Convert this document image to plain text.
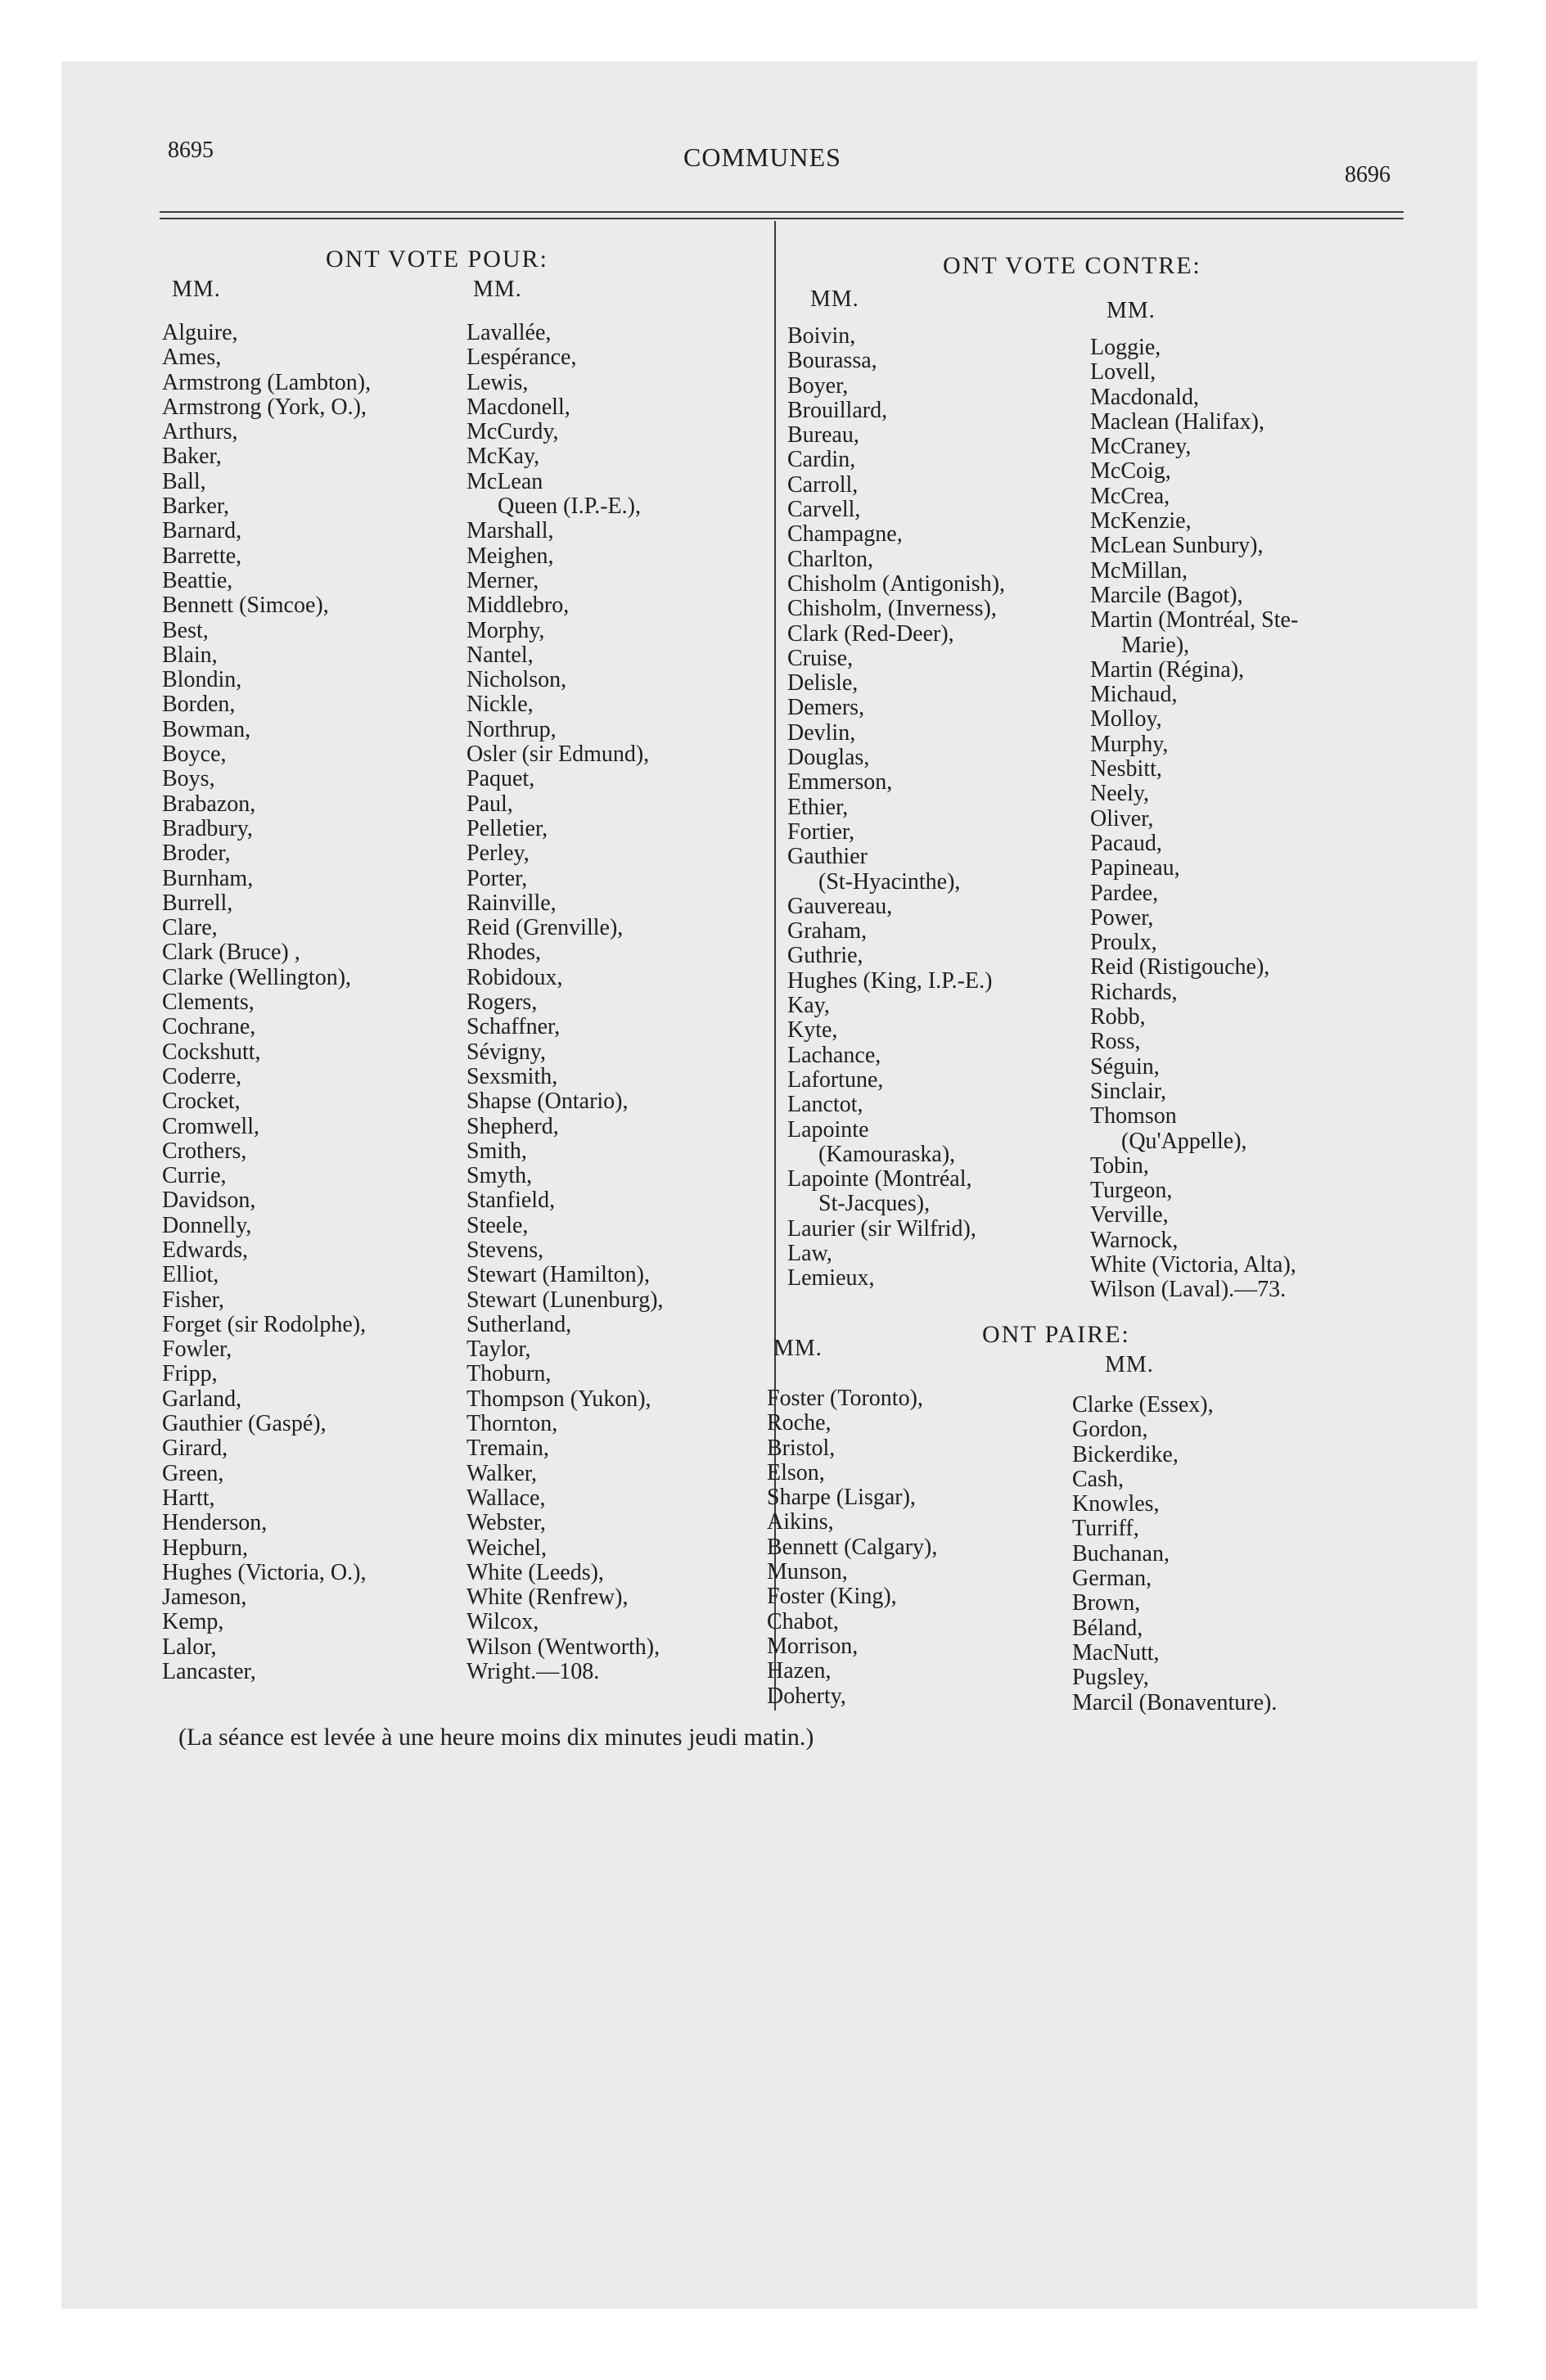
8695	COMMUNES
8696
ONT VOTE POUR:
MM.	MM.
Alguire,
Ames,
Armstrong (Lambton),
Armstrong (York, O.),
Arthurs,
Baker,
Ball,
Barker,
Barnard,
Barrette,
Beattie,
Bennett (Simcoe),
Best,
Blain,
Blondin,
Borden,
Bowman,
Boyce,
Boys,
Brabazon,
Bradbury,
Broder,
Burnham,
Burrell,
Clare,
Clark (Bruce) ,
Clarke (Wellington),
Clements,
Cochrane,
Cockshutt,
Coderre,
Crocket,
Cromwell,
Crothers,
Currie,
Davidson,
Donnelly,
Edwards,
Elliot,
Fisher,
Forget (sir Rodolphe),
Fowler,
Fripp,
Garland,
Gauthier (Gaspé),
Girard,
Green,
Hartt,
Henderson,
Hepburn,
Hughes (Victoria, O.),
Jameson,
Kemp,
Lalor,
Lancaster,
Lavallée,
Lespérance,
Lewis,
Macdonell,
McCurdy,
McKay,
McLean
Queen (I.P.-E.),
Marshall,
Meighen,
Merner,
Middlebro,
Morphy,
Nantel,
Nicholson,
Nickle,
Northrup,
Osler (sir Edmund),
Paquet,
Paul,
Pelletier,
Perley,
Porter,
Rainville,
Reid (Grenville),
Rhodes,
Robidoux,
Rogers,
Schaffner,
Sévigny,
Sexsmith,
Shapse (Ontario),
Shepherd,
Smith,
Smyth,
Stanfield,
Steele,
Stevens,
Stewart (Hamilton),
Stewart (Lunenburg),
Sutherland,
Taylor,
Thoburn,
Thompson (Yukon),
Thornton,
Tremain,
Walker,
Wallace,
Webster,
Weichel,
White (Leeds),
White (Renfrew),
Wilcox,
Wilson (Wentworth),
Wright.—108.
ONT VOTE CONTRE:
MM.	MM.
Boivin,
Bourassa,
Boyer,
Brouillard,
Bureau,
Cardin,
Carroll,
Carvell,
Champagne,
Charlton,
Chisholm (Antigonish),
Chisholm, (Inverness),
Clark (Red-Deer),
Cruise,
Delisle,
Demers,
Devlin,
Douglas,
Emmerson,
Ethier,
Fortier,
Gauthier
(St-Hyacinthe),
Gauvereau,
Graham,
Guthrie,
Hughes (King, I.P.-E.)
Kay,
Kyte,
Lachance,
Lafortune,
Lanctot,
Lapointe
(Kamouraska),
Lapointe (Montréal,
St-Jacques),
Laurier (sir Wilfrid),
Law,
Lemieux,
Loggie,
Lovell,
Macdonald,
Maclean (Halifax),
McCraney,
McCoig,
McCrea,
McKenzie,
McLean Sunbury),
McMillan,
Marcile (Bagot),
Martin (Montréal, Ste-
Marie),
Martin (Régina),
Michaud,
Molloy,
Murphy,
Nesbitt,
Neely,
Oliver,
Pacaud,
Papineau,
Pardee,
Power,
Proulx,
Reid (Ristigouche),
Richards,
Robb,
Ross,
Séguin,
Sinclair,
Thomson
(Qu'Appelle),
Tobin,
Turgeon,
Verville,
Warnock,
White (Victoria, Alta),
Wilson (Laval).—73.
ONT PAIRE:
MM.
MM.
Foster (Toronto),
Roche,
Bristol,
Elson,
Sharpe (Lisgar),
Aikins,
Bennett (Calgary),
Munson,
Foster (King),
Chabot,
Morrison,
Hazen,
Doherty,
Clarke (Essex),
Gordon,
Bickerdike,
Cash,
Knowles,
Turriff,
Buchanan,
German,
Brown,
Béland,
MacNutt,
Pugsley,
Marcil (Bonaventure).
(La séance est levée à une heure moins dix minutes jeudi matin.)
